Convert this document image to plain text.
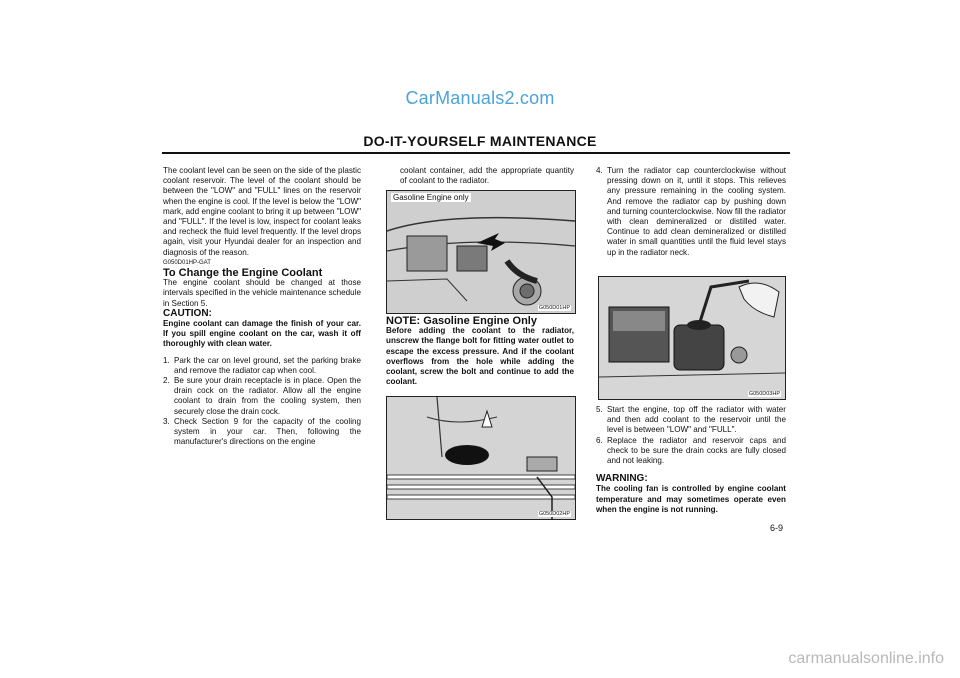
CarManuals2.com
DO-IT-YOURSELF MAINTENANCE

The coolant level can be seen on the side of the plastic coolant reservoir. The level of the coolant should be between the "LOW" and "FULL" lines on the reservoir when the engine is cool. If the level is below the "LOW" mark, add engine coolant to bring it up between "LOW" and "FULL". If the level is low, inspect for coolant leaks and recheck the fluid level frequently. If the level drops again, visit your Hyundai dealer for an inspection and diagnosis of the reason.

G050D01HP-GAT

To Change the Engine Coolant

The engine coolant should be changed at those intervals specified in the vehicle maintenance schedule in Section 5.

CAUTION:

Engine coolant can damage the finish of your car. If you spill engine coolant on the car, wash it off thoroughly with clean water.

1. Park the car on level ground, set the parking brake and remove the radiator cap when cool.
2. Be sure your drain receptacle is in place. Open the drain cock on the radiator. Allow all the engine coolant to drain from the cooling system, then securely close the drain cock.
3. Check Section 9 for the capacity of the cooling system in your car. Then, following the manufacturer's directions on the engine

coolant container, add the appropriate quantity of coolant to the radiator.

Gasoline Engine only
G050D01HP

NOTE: Gasoline Engine Only

Before adding the coolant to the radiator, unscrew the flange bolt for fitting water outlet to escape the excess pressure. And if the coolant overflows from the hole while adding the coolant, screw the bolt and continue to add the coolant.

G050D02HP
4. Turn the radiator cap counterclockwise without pressing down on it, until it stops. This relieves any pressure remaining in the cooling system. And remove the radiator cap by pushing down and turning counterclockwise. Now fill the radiator with clean demineralized or distilled water. Continue to add clean demineralized or distilled water in small quantities until the fluid level stays up in the radiator neck.
G050D03HP
5. Start the engine, top off the radiator with water and then add coolant to the reservoir until the level is between "LOW" and "FULL".
6. Replace the radiator and reservoir caps and check to be sure the drain cocks are fully closed and not leaking.

WARNING:

The cooling fan is controlled by engine coolant temperature and may sometimes operate even when the engine is not running.

6-9
carmanualsonline.info
